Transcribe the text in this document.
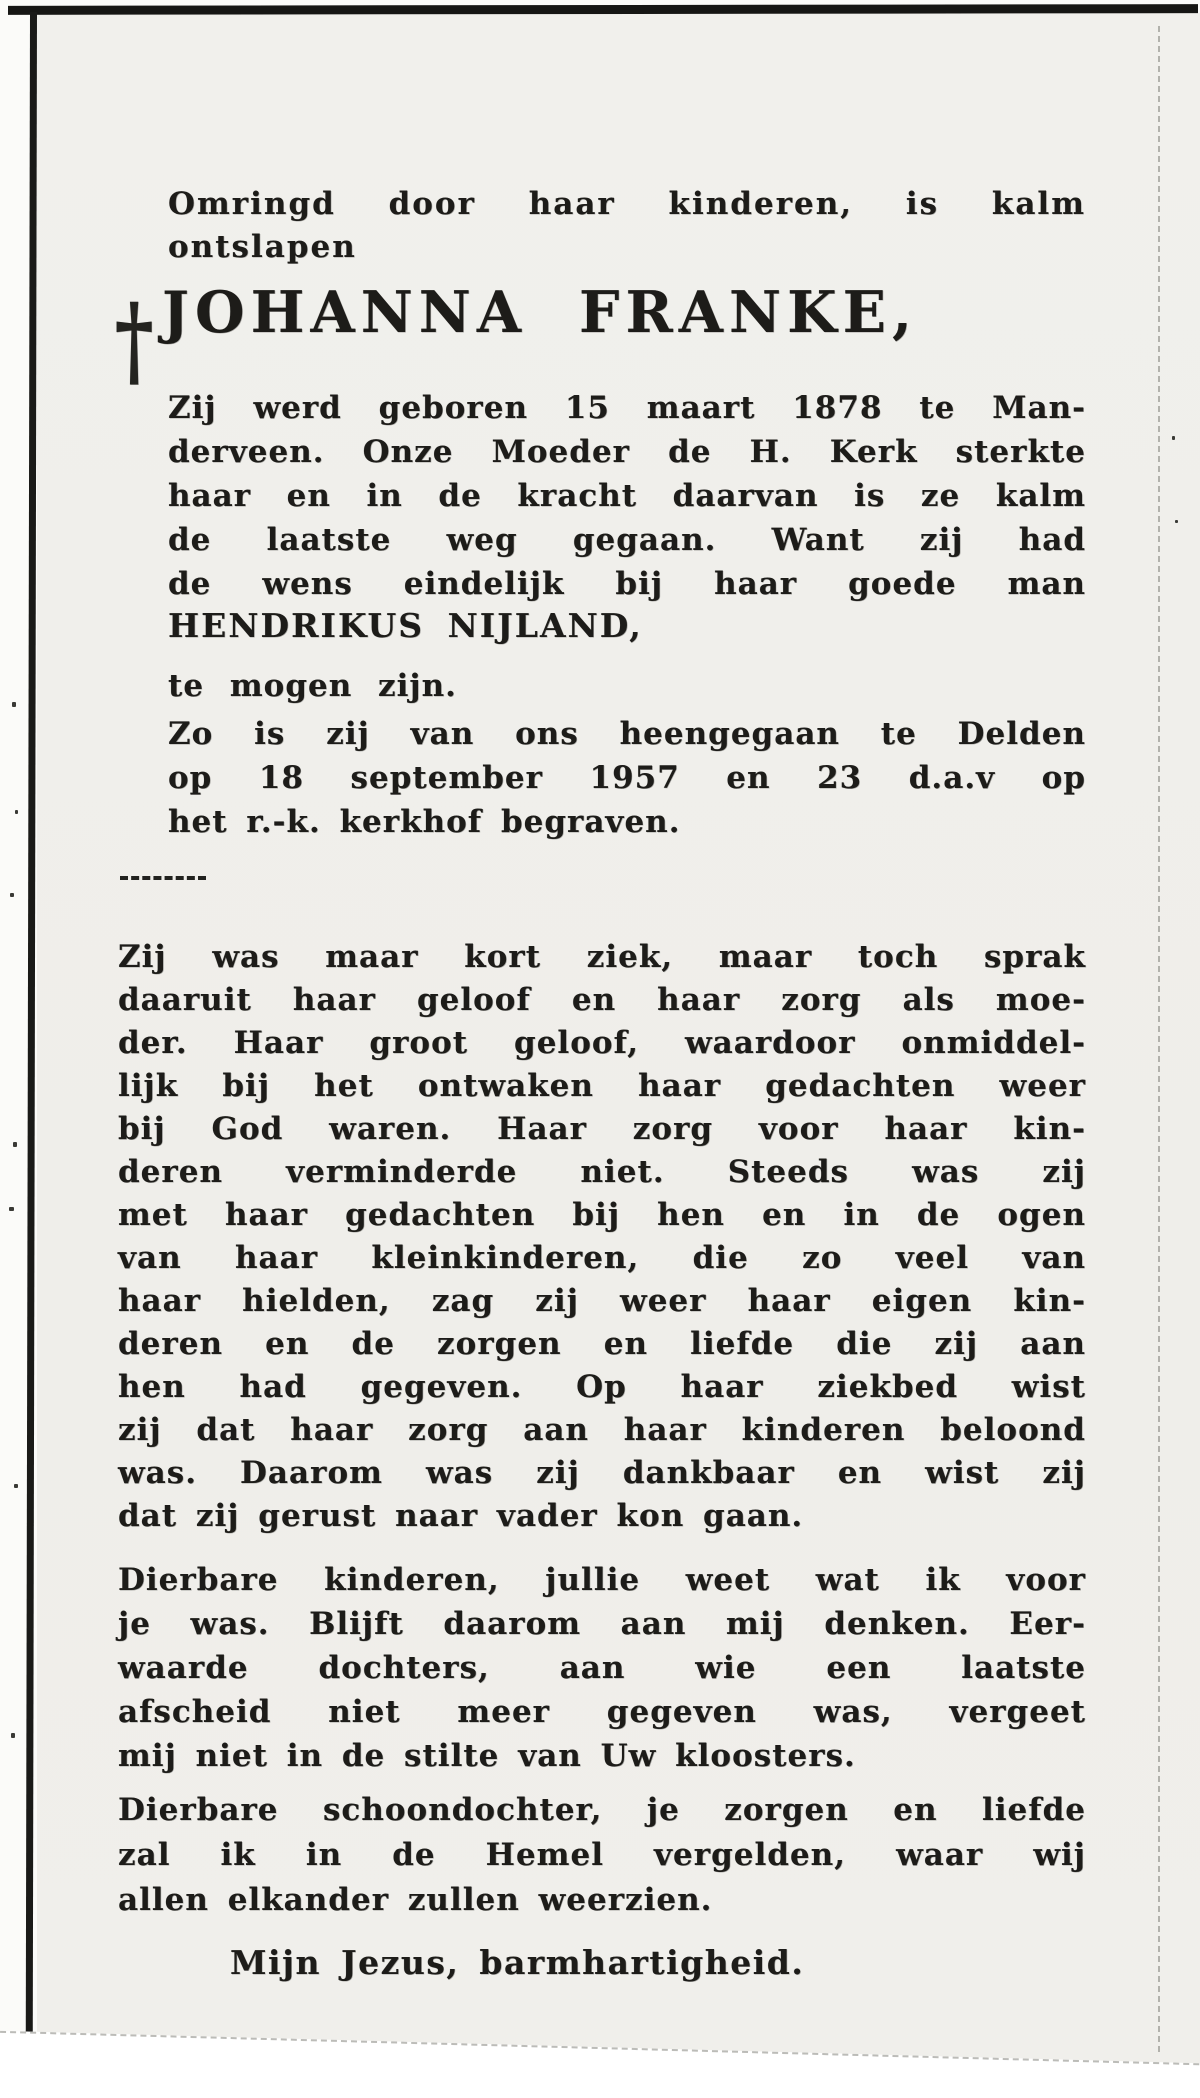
Omringd door haar kinderen, is kalm
ontslapen
† JOHANNA FRANKE,
Zij werd geboren 15 maart 1878 te Man-
derveen. Onze Moeder de H. Kerk sterkte
haar en in de kracht daarvan is ze kalm
de laatste weg gegaan. Want zij had
de wens eindelijk bij haar goede man
HENDRIKUS NIJLAND,
te mogen zijn.
Zo is zij van ons heengegaan te Delden
op 18 september 1957 en 23 d.a.v op
het r.-k. kerkhof begraven.
Zij was maar kort ziek, maar toch sprak
daaruit haar geloof en haar zorg als moe-
der. Haar groot geloof, waardoor onmiddel-
lijk bij het ontwaken haar gedachten weer
bij God waren. Haar zorg voor haar kin-
deren verminderde niet. Steeds was zij
met haar gedachten bij hen en in de ogen
van haar kleinkinderen, die zo veel van
haar hielden, zag zij weer haar eigen kin-
deren en de zorgen en liefde die zij aan
hen had gegeven. Op haar ziekbed wist
zij dat haar zorg aan haar kinderen beloond
was. Daarom was zij dankbaar en wist zij
dat zij gerust naar vader kon gaan.
Dierbare kinderen, jullie weet wat ik voor
je was. Blijft daarom aan mij denken. Eer-
waarde dochters, aan wie een laatste
afscheid niet meer gegeven was, vergeet
mij niet in de stilte van Uw kloosters.
Dierbare schoondochter, je zorgen en liefde
zal ik in de Hemel vergelden, waar wij
allen elkander zullen weerzien.
Mijn Jezus, barmhartigheid.
